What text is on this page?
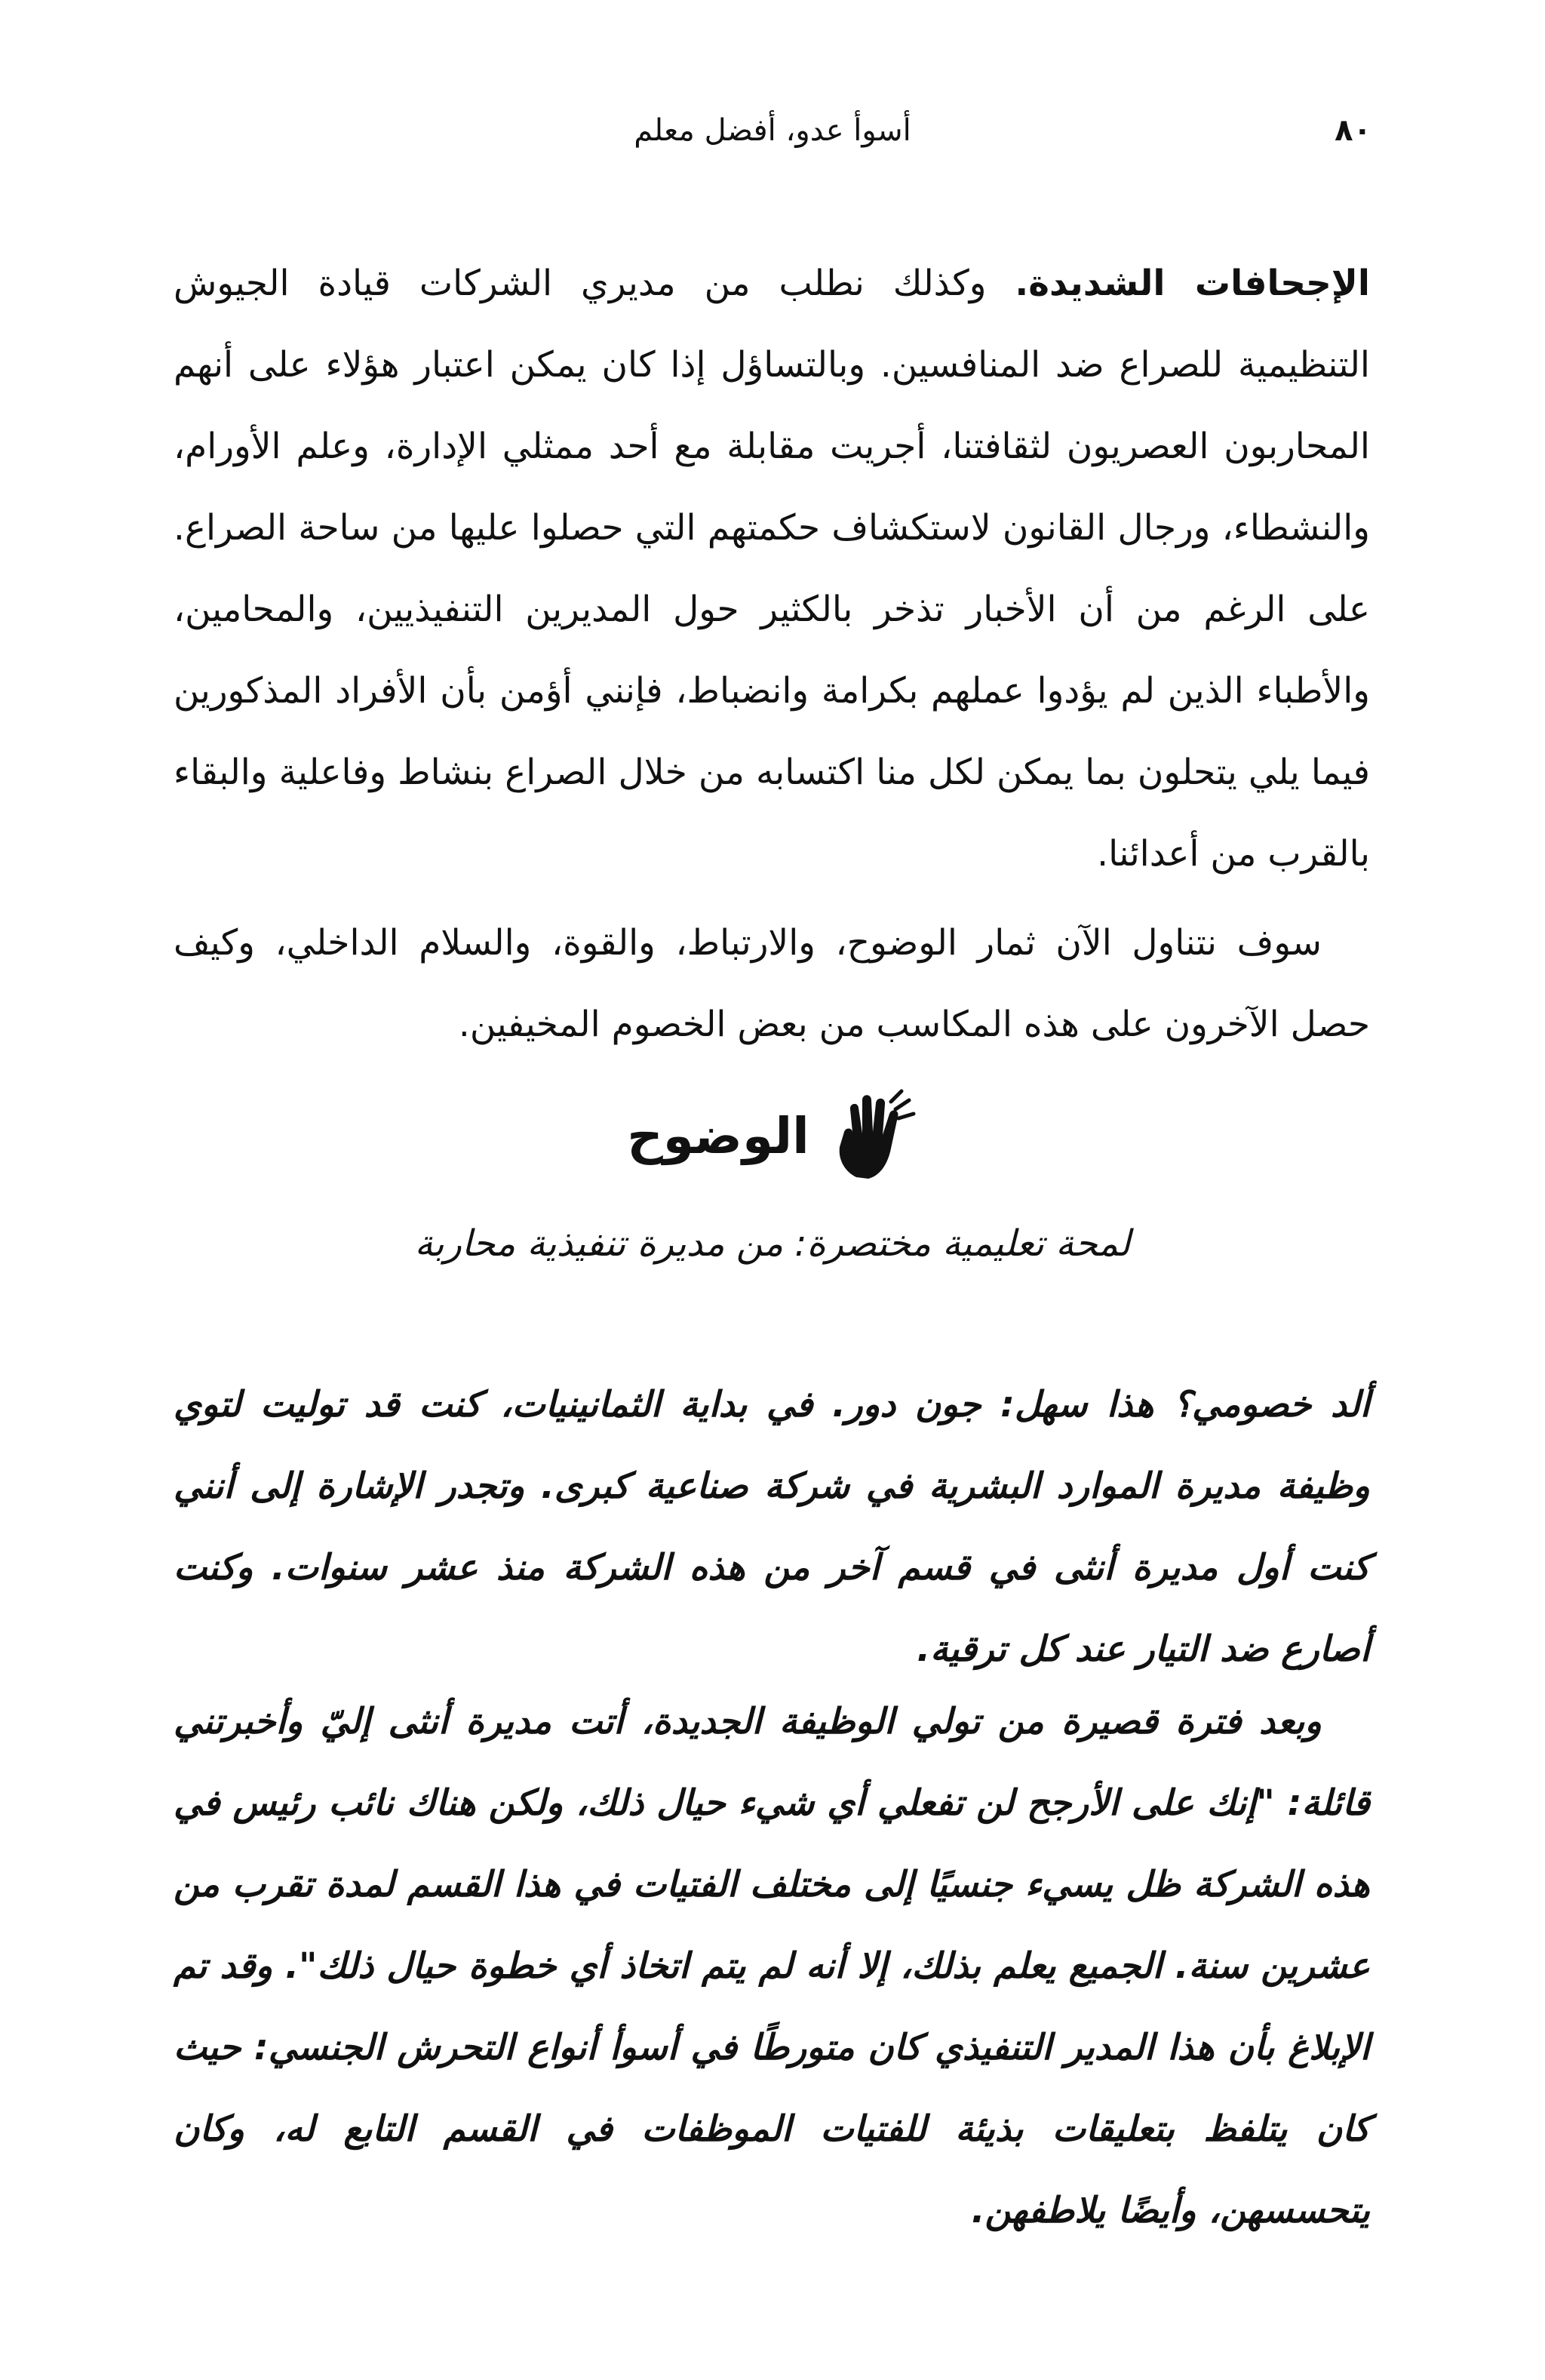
٨٠
أسوأ عدو، أفضل معلم

الإجحافات الشديدة. وكذلك نطلب من مديري الشركات قيادة الجيوش التنظيمية للصراع ضد المنافسين. وبالتساؤل إذا كان يمكن اعتبار هؤلاء على أنهم المحاربون العصريون لثقافتنا، أجريت مقابلة مع أحد ممثلي الإدارة، وعلم الأورام، والنشطاء، ورجال القانون لاستكشاف حكمتهم التي حصلوا عليها من ساحة الصراع. على الرغم من أن الأخبار تذخر بالكثير حول المديرين التنفيذيين، والمحامين، والأطباء الذين لم يؤدوا عملهم بكرامة وانضباط، فإنني أؤمن بأن الأفراد المذكورين فيما يلي يتحلون بما يمكن لكل منا اكتسابه من خلال الصراع بنشاط وفاعلية والبقاء بالقرب من أعدائنا.

سوف نتناول الآن ثمار الوضوح، والارتباط، والقوة، والسلام الداخلي، وكيف حصل الآخرون على هذه المكاسب من بعض الخصوم المخيفين.

الوضوح
لمحة تعليمية مختصرة: من مديرة تنفيذية محاربة

ألد خصومي؟ هذا سهل: جون دور. في بداية الثمانينيات، كنت قد توليت لتوي وظيفة مديرة الموارد البشرية في شركة صناعية كبرى. وتجدر الإشارة إلى أنني كنت أول مديرة أنثى في قسم آخر من هذه الشركة منذ عشر سنوات. وكنت أصارع ضد التيار عند كل ترقية.

وبعد فترة قصيرة من تولي الوظيفة الجديدة، أتت مديرة أنثى إليّ وأخبرتني قائلة: "إنك على الأرجح لن تفعلي أي شيء حيال ذلك، ولكن هناك نائب رئيس في هذه الشركة ظل يسيء جنسيًا إلى مختلف الفتيات في هذا القسم لمدة تقرب من عشرين سنة. الجميع يعلم بذلك، إلا أنه لم يتم اتخاذ أي خطوة حيال ذلك". وقد تم الإبلاغ بأن هذا المدير التنفيذي كان متورطًا في أسوأ أنواع التحرش الجنسي: حيث كان يتلفظ بتعليقات بذيئة للفتيات الموظفات في القسم التابع له، وكان يتحسسهن، وأيضًا يلاطفهن.
